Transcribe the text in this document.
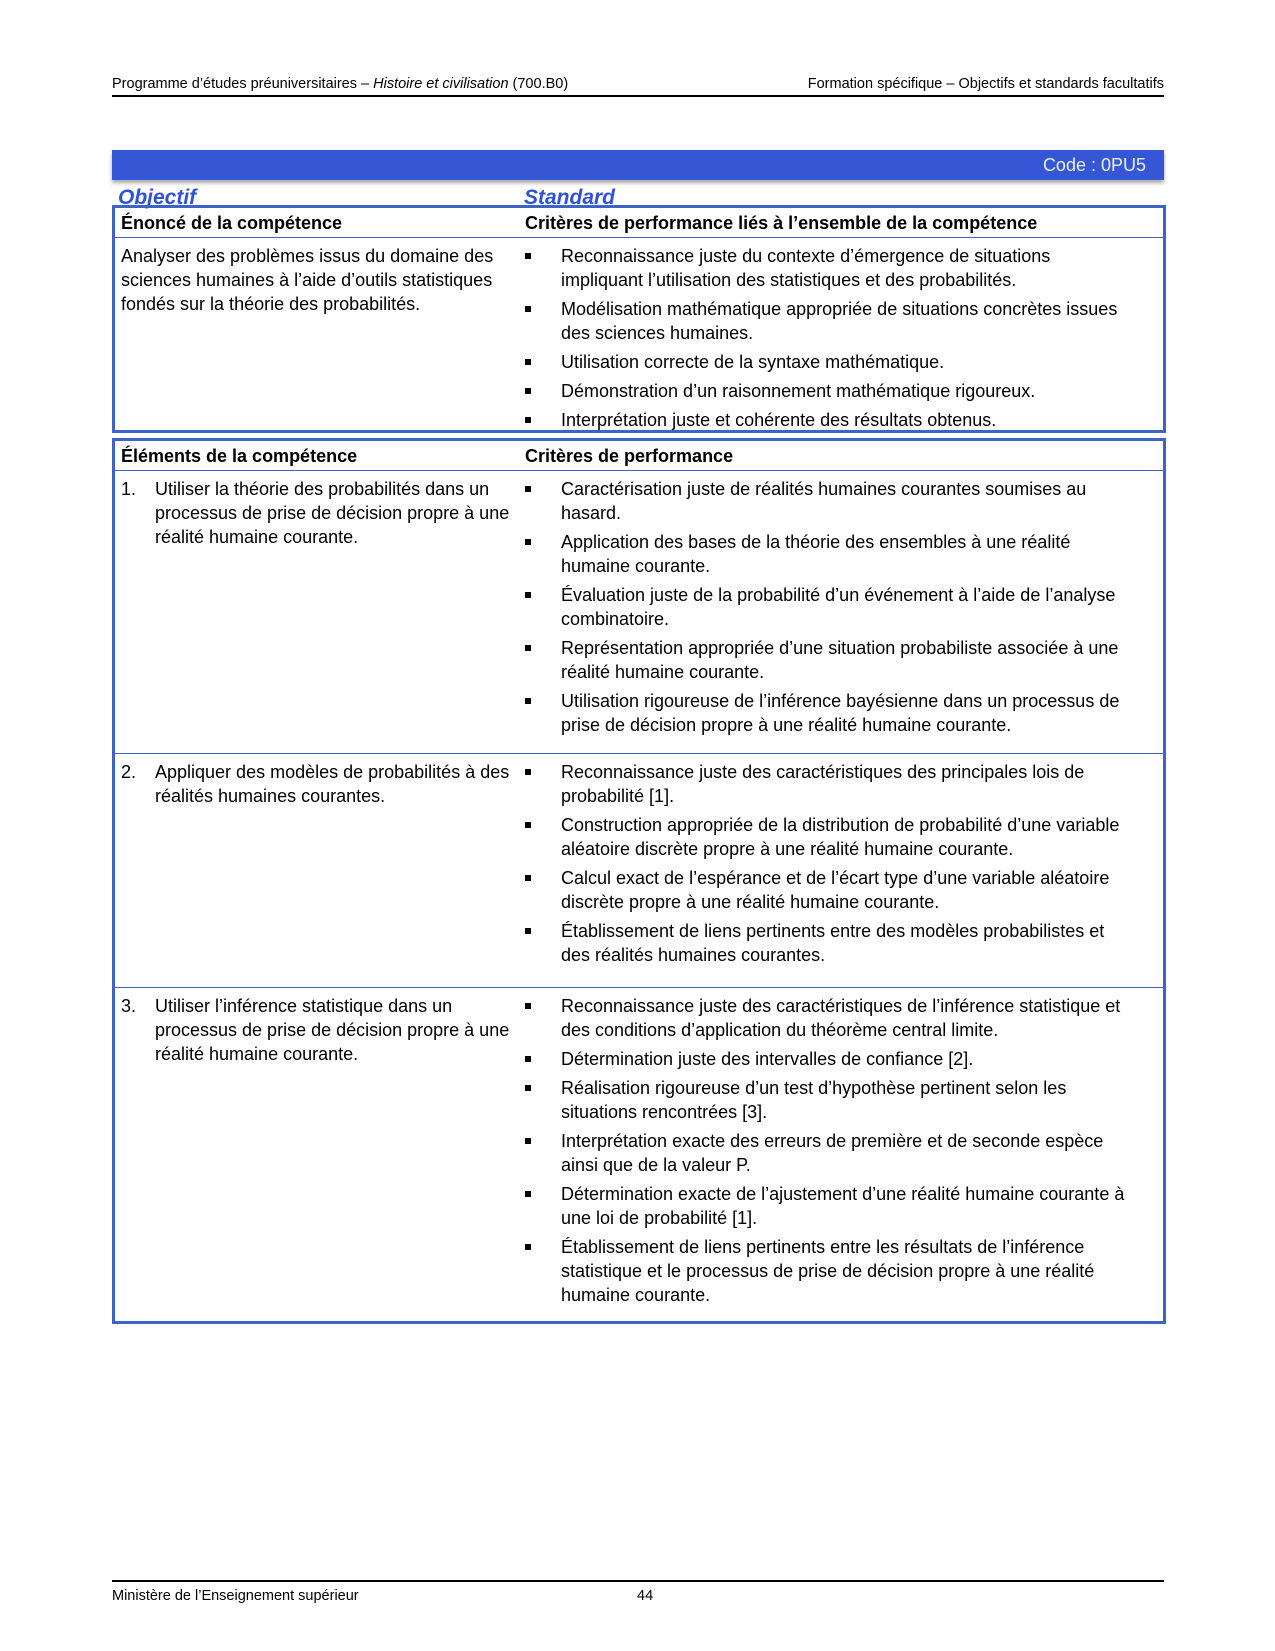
Programme d’études préuniversitaires – Histoire et civilisation (700.B0)	Formation spécifique – Objectifs et standards facultatifs
Code : 0PU5
Objectif	Standard
Énoncé de la compétence	Critères de performance liés à l’ensemble de la compétence
Analyser des problèmes issus du domaine des sciences humaines à l’aide d’outils statistiques fondés sur la théorie des probabilités.
Reconnaissance juste du contexte d’émergence de situations impliquant l’utilisation des statistiques et des probabilités.
Modélisation mathématique appropriée de situations concrètes issues des sciences humaines.
Utilisation correcte de la syntaxe mathématique.
Démonstration d’un raisonnement mathématique rigoureux.
Interprétation juste et cohérente des résultats obtenus.
Éléments de la compétence	Critères de performance
1. Utiliser la théorie des probabilités dans un processus de prise de décision propre à une réalité humaine courante.
Caractérisation juste de réalités humaines courantes soumises au hasard.
Application des bases de la théorie des ensembles à une réalité humaine courante.
Évaluation juste de la probabilité d’un événement à l’aide de l’analyse combinatoire.
Représentation appropriée d’une situation probabiliste associée à une réalité humaine courante.
Utilisation rigoureuse de l’inférence bayésienne dans un processus de prise de décision propre à une réalité humaine courante.
2. Appliquer des modèles de probabilités à des réalités humaines courantes.
Reconnaissance juste des caractéristiques des principales lois de probabilité [1].
Construction appropriée de la distribution de probabilité d’une variable aléatoire discrète propre à une réalité humaine courante.
Calcul exact de l’espérance et de l’écart type d’une variable aléatoire discrète propre à une réalité humaine courante.
Établissement de liens pertinents entre des modèles probabilistes et des réalités humaines courantes.
3. Utiliser l’inférence statistique dans un processus de prise de décision propre à une réalité humaine courante.
Reconnaissance juste des caractéristiques de l’inférence statistique et des conditions d’application du théorème central limite.
Détermination juste des intervalles de confiance [2].
Réalisation rigoureuse d’un test d’hypothèse pertinent selon les situations rencontrées [3].
Interprétation exacte des erreurs de première et de seconde espèce ainsi que de la valeur P.
Détermination exacte de l’ajustement d’une réalité humaine courante à une loi de probabilité [1].
Établissement de liens pertinents entre les résultats de l’inférence statistique et le processus de prise de décision propre à une réalité humaine courante.
Ministère de l’Enseignement supérieur	44
